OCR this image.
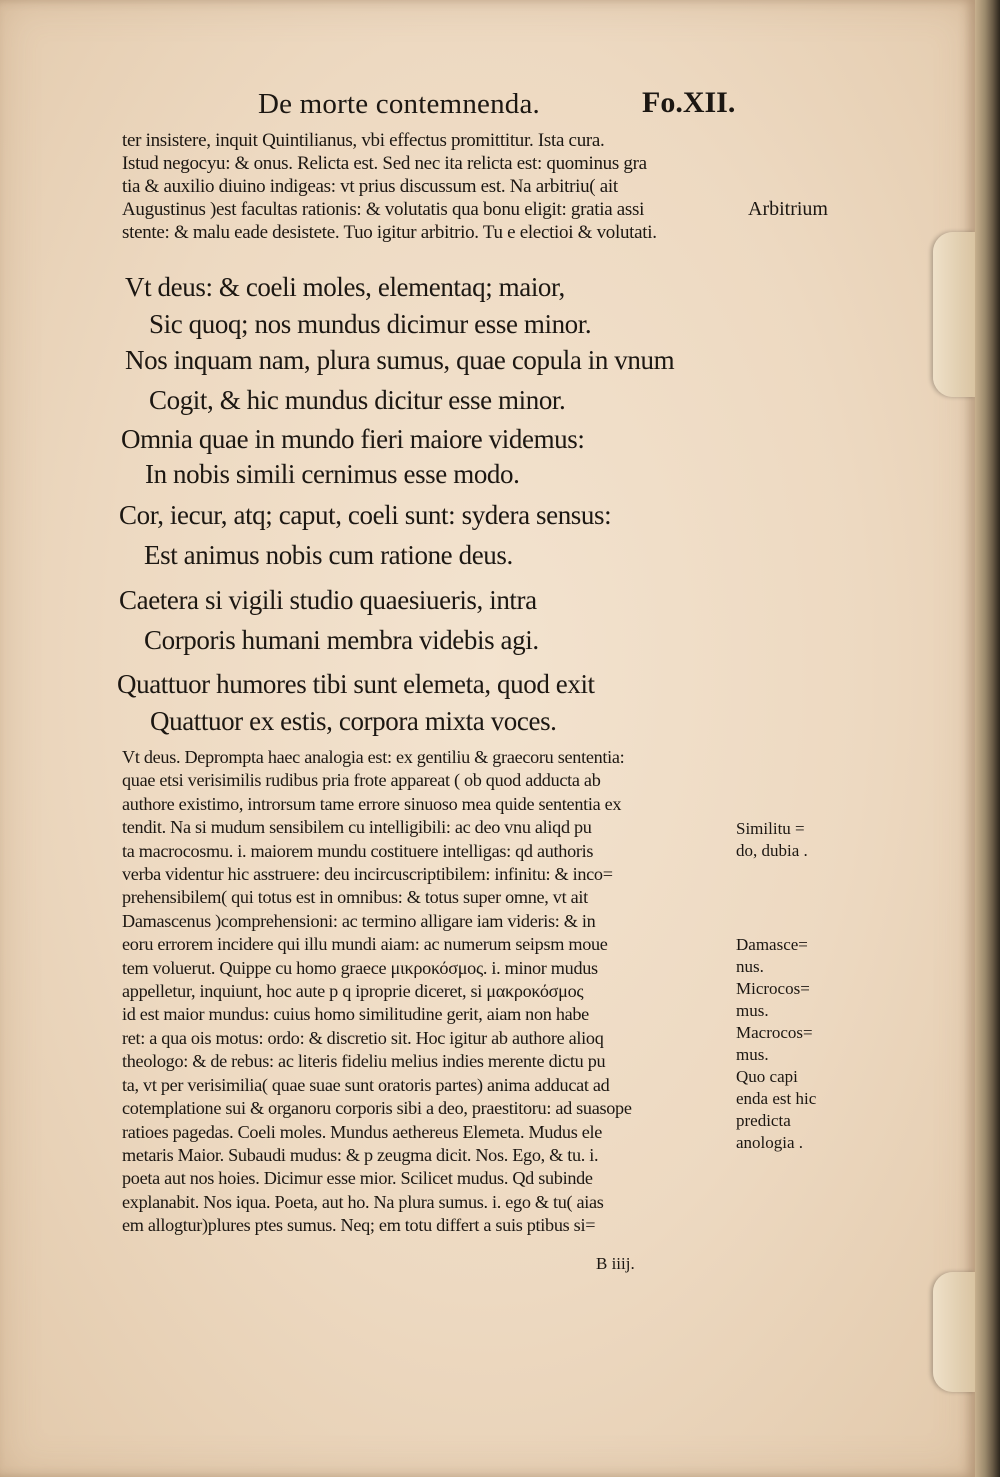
De morte contemnenda.	Fo.XII.
ter insistere, inquit Quintilianus, vbi effectus promittitur. Ista cura.
Istud negocyu: & onus. Relicta est. Sed nec ita relicta est: quominus gra
tia & auxilio diuino indigeas: vt prius discussum est. Na arbitriu( ait
Augustinus )est facultas rationis: & volutatis qua bonu eligit: gratia assi
stente: & malu eade desistete. Tuo igitur arbitrio. Tu e electioi & volutati.
Arbitrium
Vt deus: & coeli moles, elementaq; maior,
Sic quoq; nos mundus dicimur esse minor.
Nos inquam nam, plura sumus, quae copula in vnum
Cogit, & hic mundus dicitur esse minor.
Omnia quae in mundo fieri maiore videmus:
In nobis simili cernimus esse modo.
Cor, iecur, atq; caput, coeli sunt: sydera sensus:
Est animus nobis cum ratione deus.
Caetera si vigili studio quaesiueris, intra
Corporis humani membra videbis agi.
Quattuor humores tibi sunt elemeta, quod exit
Quattuor ex estis, corpora mixta voces.
Vt deus. Deprompta haec analogia est: ex gentiliu & graecoru sententia:
quae etsi verisimilis rudibus pria frote appareat ( ob quod adducta ab
authore existimo, introrsum tame errore sinuoso mea quide sententia ex
tendit. Na si mudum sensibilem cu intelligibili: ac deo vnu aliqd pu
ta macrocosmu. i. maiorem mundu costituere intelligas: qd authoris
verba videntur hic asstruere: deu incircuscriptibilem: infinitu: & inco=
prehensibilem( qui totus est in omnibus: & totus super omne, vt ait
Damascenus )comprehensioni: ac termino alligare iam videris: & in
eoru errorem incidere qui illu mundi aiam: ac numerum seipsm moue
tem voluerut. Quippe cu homo graece μικροκόσμος. i. minor mudus
appelletur, inquiunt, hoc aute p q iproprie diceret, si μακροκόσμος
id est maior mundus: cuius homo similitudine gerit, aiam non habe
ret: a qua ois motus: ordo: & discretio sit. Hoc igitur ab authore alioq
theologo: & de rebus: ac literis fideliu melius indies merente dictu pu
ta, vt per verisimilia( quae suae sunt oratoris partes) anima adducat ad
cotemplatione sui & organoru corporis sibi a deo, praestitoru: ad suasope
ratioes pagedas. Coeli moles. Mundus aethereus Elemeta. Mudus ele
metaris Maior. Subaudi mudus: & p zeugma dicit. Nos. Ego, & tu. i.
poeta aut nos hoies. Dicimur esse mior. Scilicet mudus. Qd subinde
explanabit. Nos iqua. Poeta, aut ho. Na plura sumus. i. ego & tu( aias
em allogtur)plures ptes sumus. Neq; em totu differt a suis ptibus si=
Similitu =
do, dubia .
Damasce=
nus.
Microcos=
mus.
Macrocos=
mus.
Quo capi
enda est hic
predicta
anologia .
B iiij.
